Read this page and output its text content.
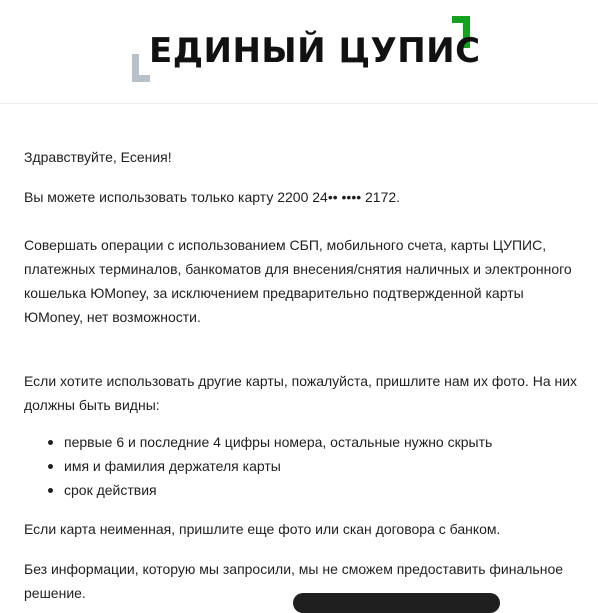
ЕДИНЫЙ ЦУПИС

Здравствуйте, Есения!

Вы можете использовать только карту 2200 24•• •••• 2172.

Совершать операции с использованием СБП, мобильного счета, карты ЦУПИС, платежных терминалов, банкоматов для внесения/снятия наличных и электронного кошелька ЮMoney, за исключением предварительно подтвержденной карты ЮMoney, нет возможности.

Если хотите использовать другие карты, пожалуйста, пришлите нам их фото. На них должны быть видны:

первые 6 и последние 4 цифры номера, остальные нужно скрыть
имя и фамилия держателя карты
срок действия

Если карта неименная, пришлите еще фото или скан договора с банком.

Без информации, которую мы запросили, мы не сможем предоставить финальное решение.
